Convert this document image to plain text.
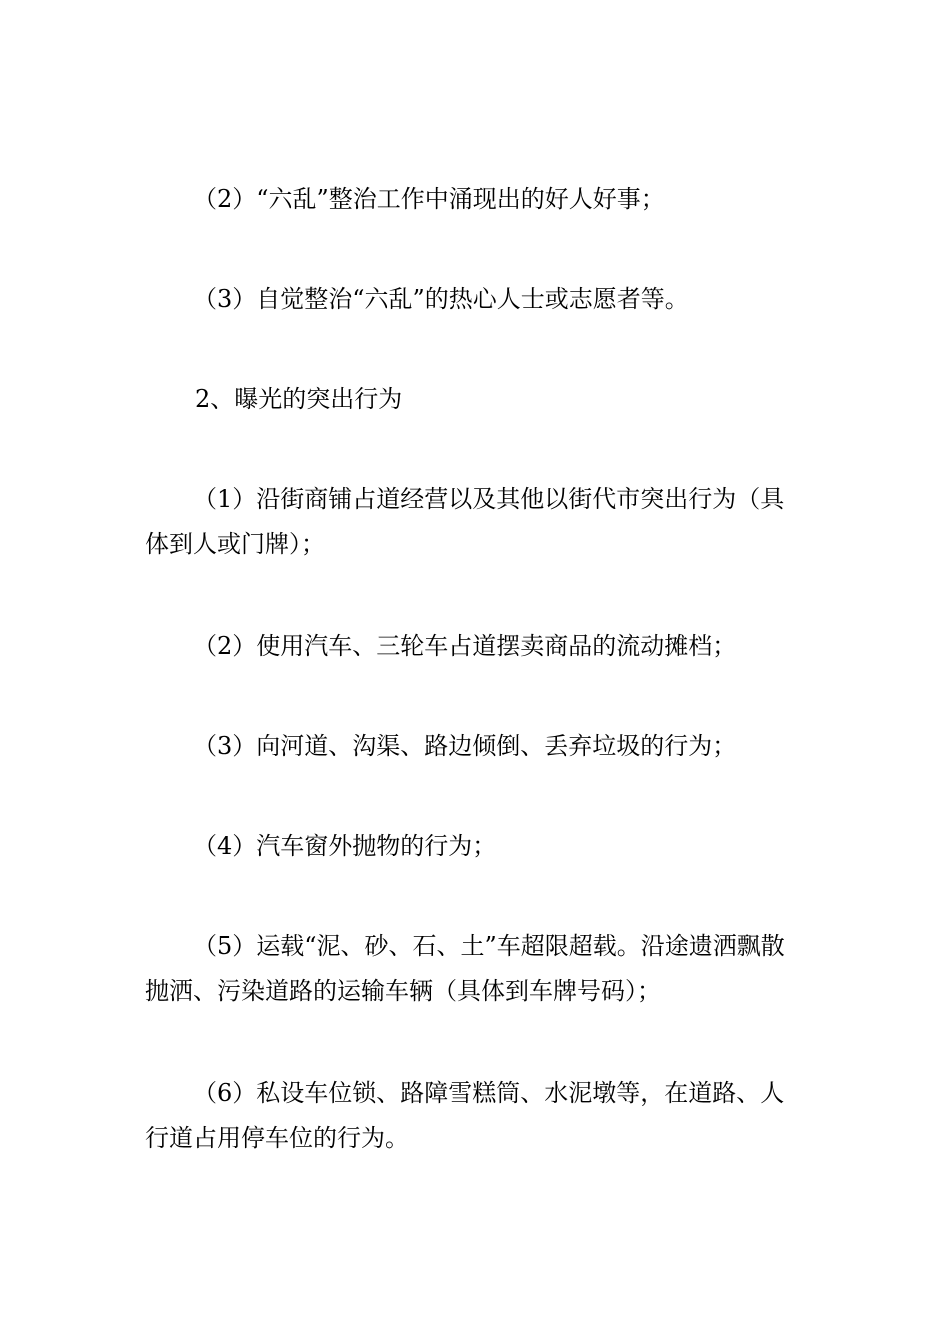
（2）“六乱”整治工作中涌现出的好人好事；

（3）自觉整治“六乱”的热心人士或志愿者等。

2、曝光的突出行为

（1）沿街商铺占道经营以及其他以街代市突出行为（具体到人或门牌）；

（2）使用汽车、三轮车占道摆卖商品的流动摊档；

（3）向河道、沟渠、路边倾倒、丢弃垃圾的行为；

（4）汽车窗外抛物的行为；

（5）运载“泥、砂、石、土”车超限超载。沿途遗洒飘散抛洒、污染道路的运输车辆（具体到车牌号码）；

（6）私设车位锁、路障雪糕筒、水泥墩等，在道路、人行道占用停车位的行为。
